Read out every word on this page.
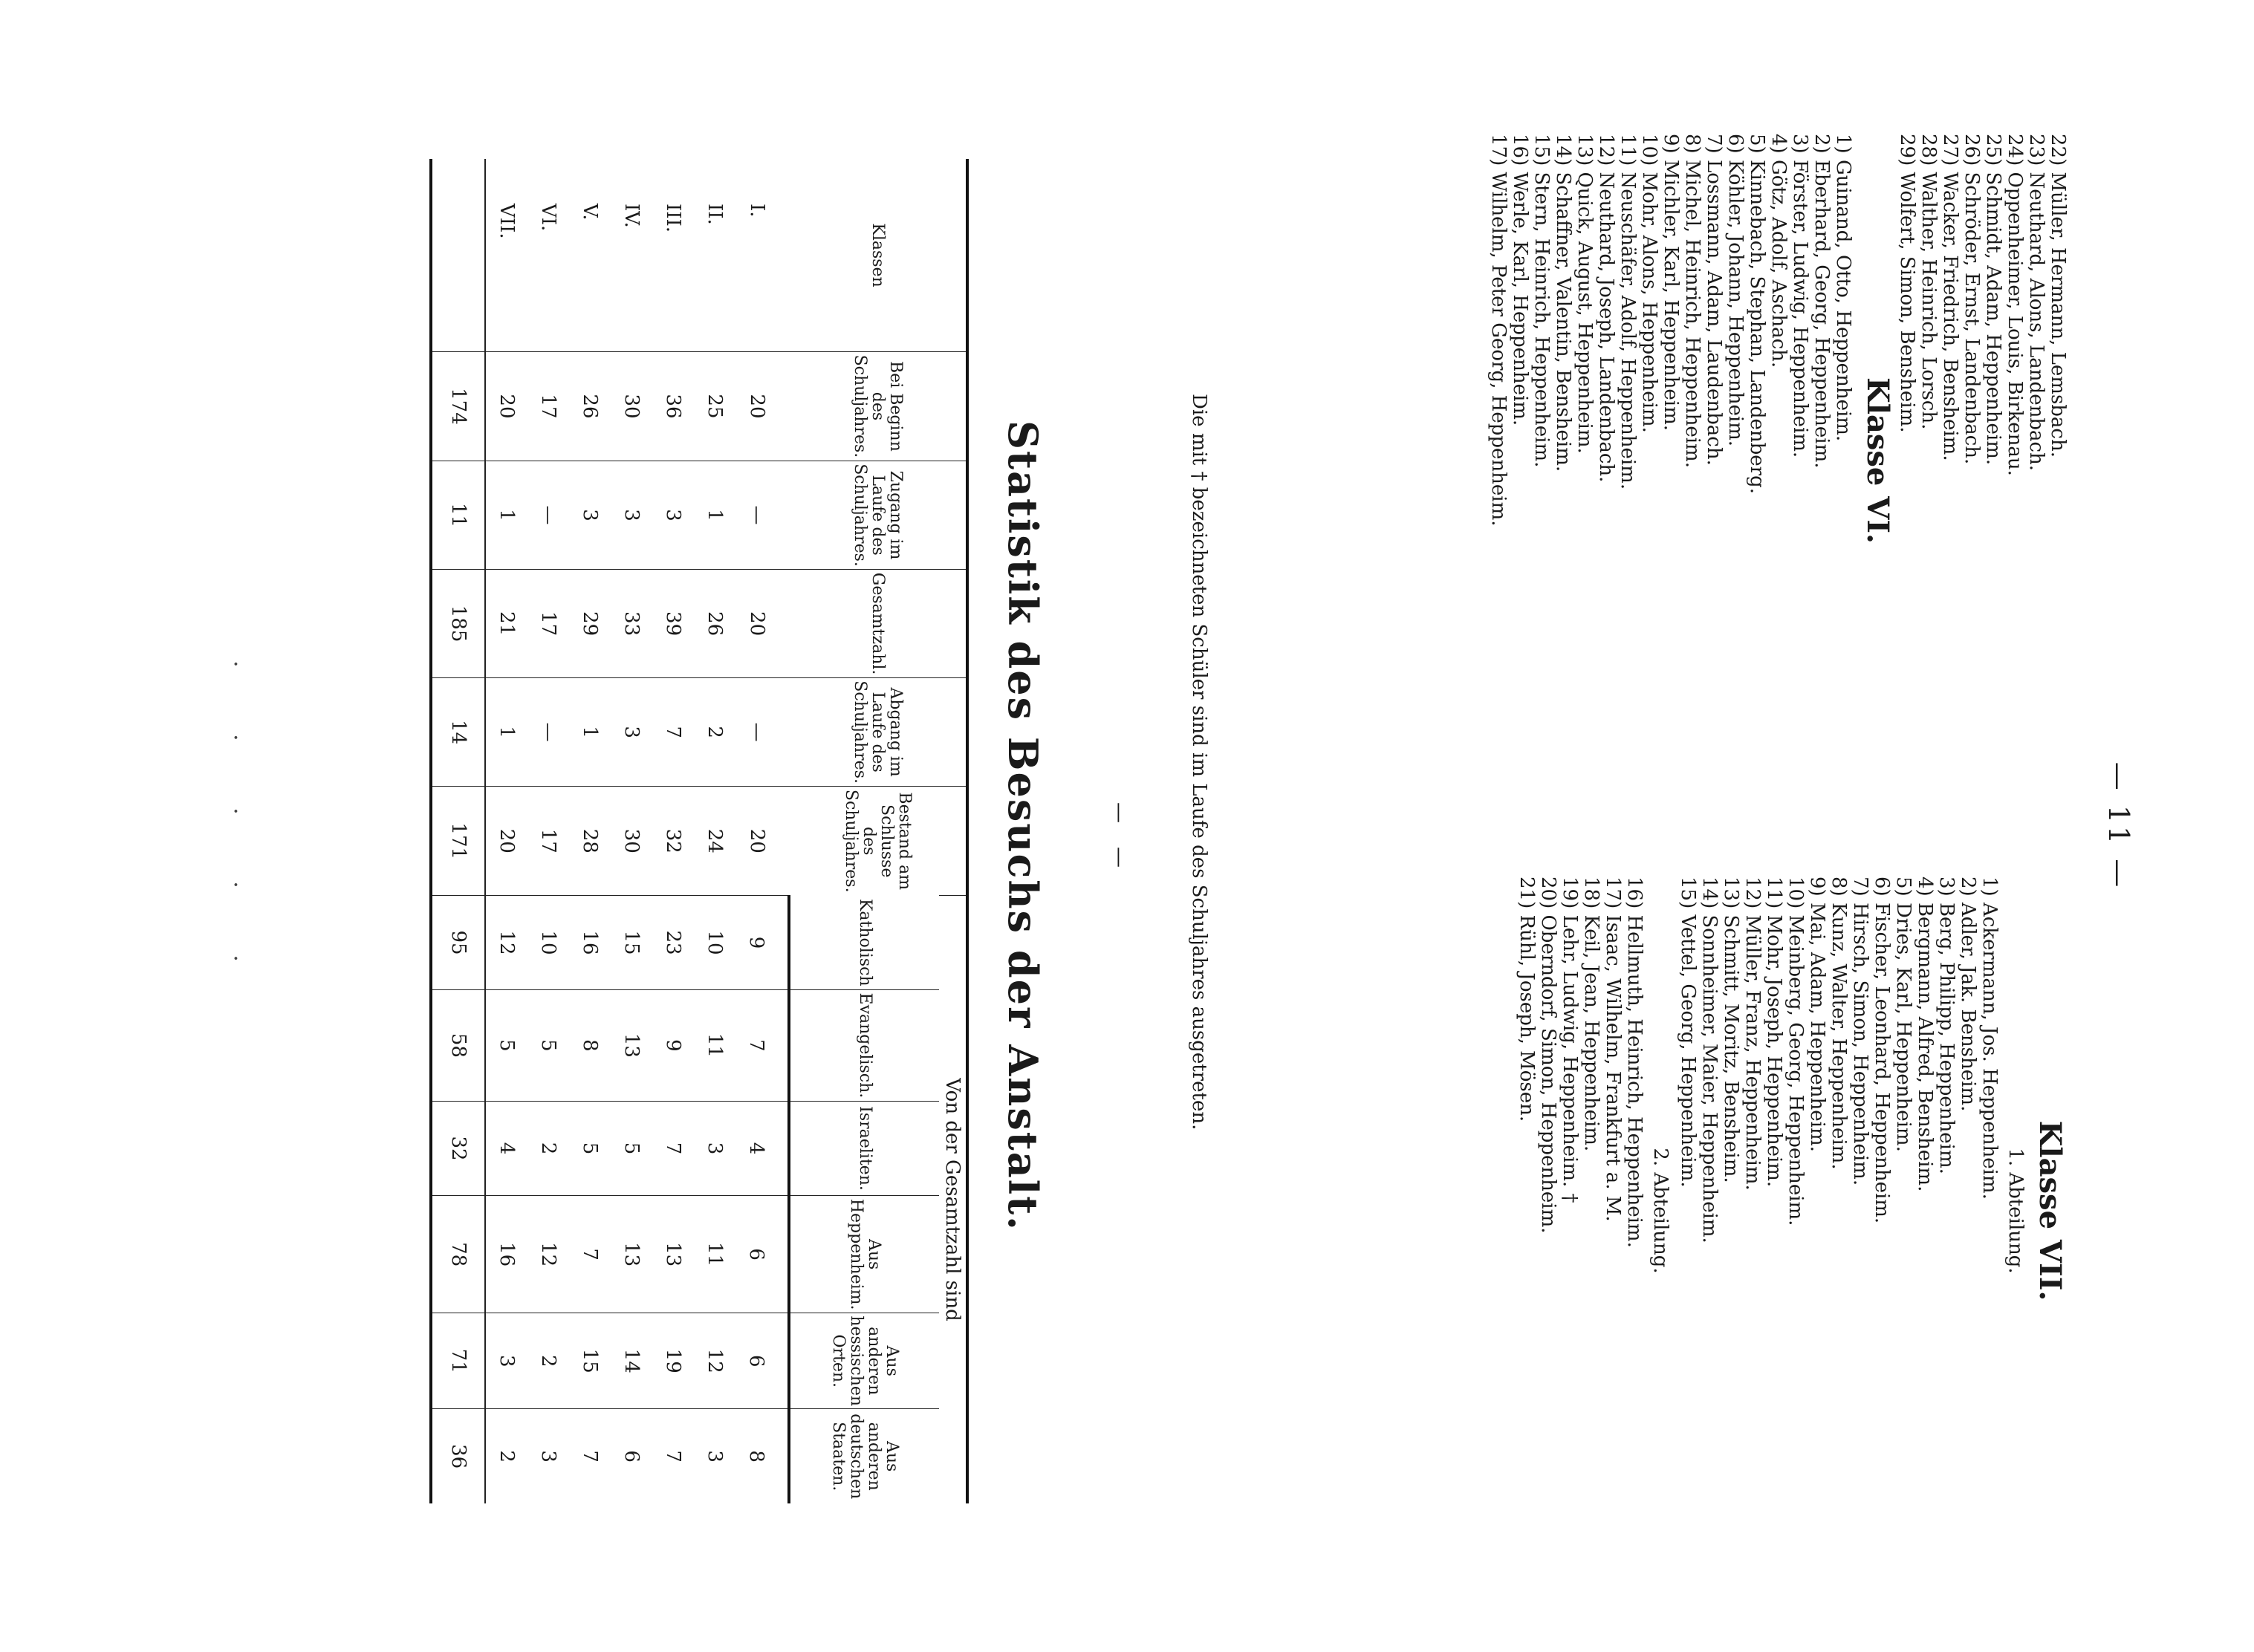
— 11 —
22) Müller, Hermann, Lemsbach.
23) Neuthard, Alons, Landenbach.
24) Oppenheimer, Louis, Birkenau.
25) Schmidt, Adam, Heppenheim.
26) Schröder, Ernst, Landenbach.
27) Wacker, Friedrich, Bensheim.
28) Walther, Heinrich, Lorsch.
29) Wolfert, Simon, Bensheim.
Klasse VI.
1) Guinand, Otto, Heppenheim.
2) Eberhard, Georg, Heppenheim.
3) Förster, Ludwig, Heppenheim.
4) Götz, Adolf, Aschach.
5) Kinnebach, Stephan, Landenberg.
6) Köhler, Johann, Heppenheim.
7) Lossmann, Adam, Laudenbach.
8) Michel, Heinrich, Heppenheim.
9) Michler, Karl, Heppenheim.
10) Mohr, Alons, Heppenheim.
11) Neuschäfer, Adolf, Heppenheim.
12) Neuthard, Joseph, Landenbach.
13) Quick, August, Heppenheim.
14) Schaffner, Valentin, Bensheim.
15) Stern, Heinrich, Heppenheim.
16) Werle, Karl, Heppenheim.
17) Wilhelm, Peter Georg, Heppenheim.
Klasse VII.
1. Abteilung.
1) Ackermann, Jos. Heppenheim.
2) Adler, Jak. Bensheim.
3) Berg, Philipp, Heppenheim.
4) Bergmann, Alfred, Bensheim.
5) Dries, Karl, Heppenheim.
6) Fischer, Leonhard, Heppenheim.
7) Hirsch, Simon, Heppenheim.
8) Kunz, Walter, Heppenheim.
9) Mai, Adam, Heppenheim.
10) Meinberg, Georg, Heppenheim.
11) Mohr, Joseph, Heppenheim.
12) Müller, Franz, Heppenheim.
13) Schmitt, Moritz, Bensheim.
14) Sonnheimer, Maier, Heppenheim.
15) Vettel, Georg, Heppenheim.
2. Abteilung.
16) Hellmuth, Heinrich, Heppenheim.
17) Isaac, Wilhelm, Frankfurt a. M.
18) Keil, Jean, Heppenheim.
19) Lehr, Ludwig, Heppenheim. †
20) Oberndorf, Simon, Heppenheim.
21) Rühl, Joseph, Mösen.
Die mit † bezeichneten Schüler sind im Laufe des Schuljahres ausgetreten.
—
—
Statistik des Besuchs der Anstalt.
Klassen	Bei Beginn des Schuljahres.	Zugang im Laufe des Schuljahres.	Gesamtzahl.	Abgang im Laufe des Schuljahres.	Bestand am Schlusse des Schuljahres.	Von der Gesamtzahl sind					
						Katholisch	Evangelisch.	Israeliten.	Aus Heppenheim.	Aus anderen hessischen Orten.	Aus anderen deutschen Staaten.
I.	20	—	20	—	20	9	7	4	6	6	8
II.	25	1	26	2	24	10	11	3	11	12	3
III.	36	3	39	7	32	23	9	7	13	19	7
IV.	30	3	33	3	30	15	13	5	13	14	6
V.	26	3	29	1	28	16	8	5	7	15	7
VI.	17	—	17	—	17	10	5	2	12	2	3
VII.	20	1	21	1	20	12	5	4	16	3	2
	174	11	185	14	171	95	58	32	78	71	36
· · · · ·
